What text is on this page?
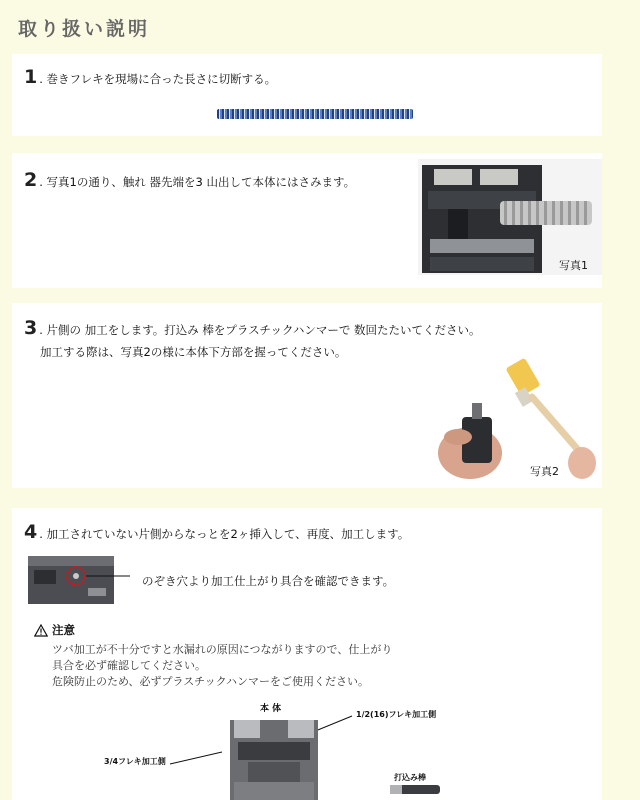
取り扱い説明
1 . 巻きフレキを現場に合った長さに切断する。
2 . 写真1の通り、触れ 器先端を3 山出して本体にはさみます。
写真1
3 . 片側の 加工をします。打込み 棒をプラスチックハンマーで 数回たたいてください。
加工する際は、写真2の様に本体下方部を握ってください。
写真2
4 . 加工されていない片側からなっとを2ヶ挿入して、再度、加工します。
のぞき穴より加工仕上がり具合を確認できます。
注意
ツバ加工が不十分ですと水漏れの原因につながりますので、仕上がり
具合を必ず確認してください。
危険防止のため、必ずプラスチックハンマーをご使用ください。
本 体
1/2(16)フレキ加工側
3/4フレキ加工側
打込み棒
